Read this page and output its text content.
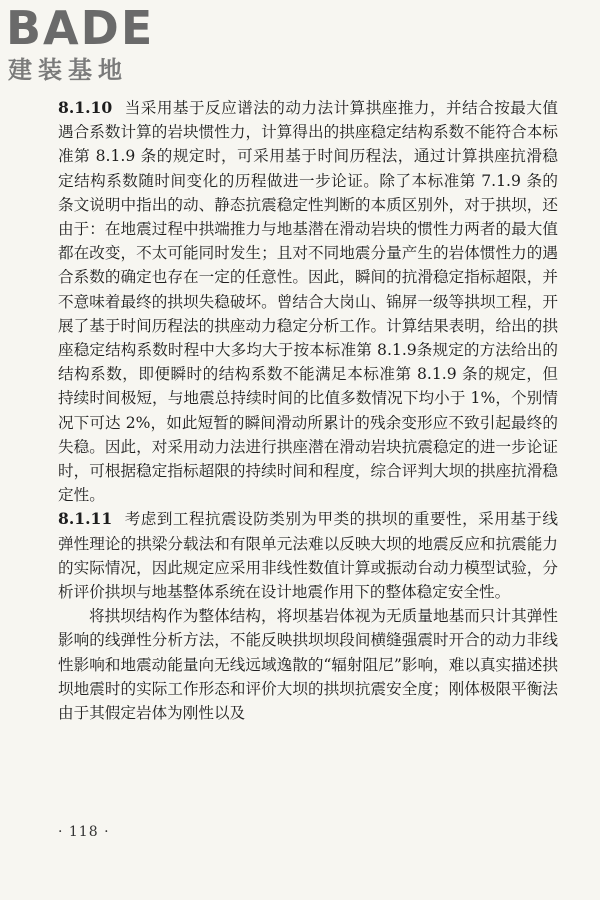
BADE
建装基地

8.1.10 当采用基于反应谱法的动力法计算拱座推力，并结合按最大值遇合系数计算的岩块惯性力，计算得出的拱座稳定结构系数不能符合本标准第 8.1.9 条的规定时，可采用基于时间历程法，通过计算拱座抗滑稳定结构系数随时间变化的历程做进一步论证。除了本标准第 7.1.9 条的条文说明中指出的动、静态抗震稳定性判断的本质区别外，对于拱坝，还由于：在地震过程中拱端推力与地基潜在滑动岩块的惯性力两者的最大值都在改变，不太可能同时发生；且对不同地震分量产生的岩体惯性力的遇合系数的确定也存在一定的任意性。因此，瞬间的抗滑稳定指标超限，并不意味着最终的拱坝失稳破坏。曾结合大岗山、锦屏一级等拱坝工程，开展了基于时间历程法的拱座动力稳定分析工作。计算结果表明，给出的拱座稳定结构系数时程中大多均大于按本标准第 8.1.9条规定的方法给出的结构系数，即便瞬时的结构系数不能满足本标准第 8.1.9 条的规定，但持续时间极短，与地震总持续时间的比值多数情况下均小于 1%，个别情况下可达 2%，如此短暂的瞬间滑动所累计的残余变形应不致引起最终的失稳。因此，对采用动力法进行拱座潜在滑动岩块抗震稳定的进一步论证时，可根据稳定指标超限的持续时间和程度，综合评判大坝的拱座抗滑稳定性。

8.1.11 考虑到工程抗震设防类别为甲类的拱坝的重要性，采用基于线弹性理论的拱梁分载法和有限单元法难以反映大坝的地震反应和抗震能力的实际情况，因此规定应采用非线性数值计算或振动台动力模型试验，分析评价拱坝与地基整体系统在设计地震作用下的整体稳定安全性。

将拱坝结构作为整体结构，将坝基岩体视为无质量地基而只计其弹性影响的线弹性分析方法，不能反映拱坝坝段间横缝强震时开合的动力非线性影响和地震动能量向无线远域逸散的“辐射阻尼”影响，难以真实描述拱坝地震时的实际工作形态和评价大坝的拱坝抗震安全度；刚体极限平衡法由于其假定岩体为刚性以及

· 118 ·
